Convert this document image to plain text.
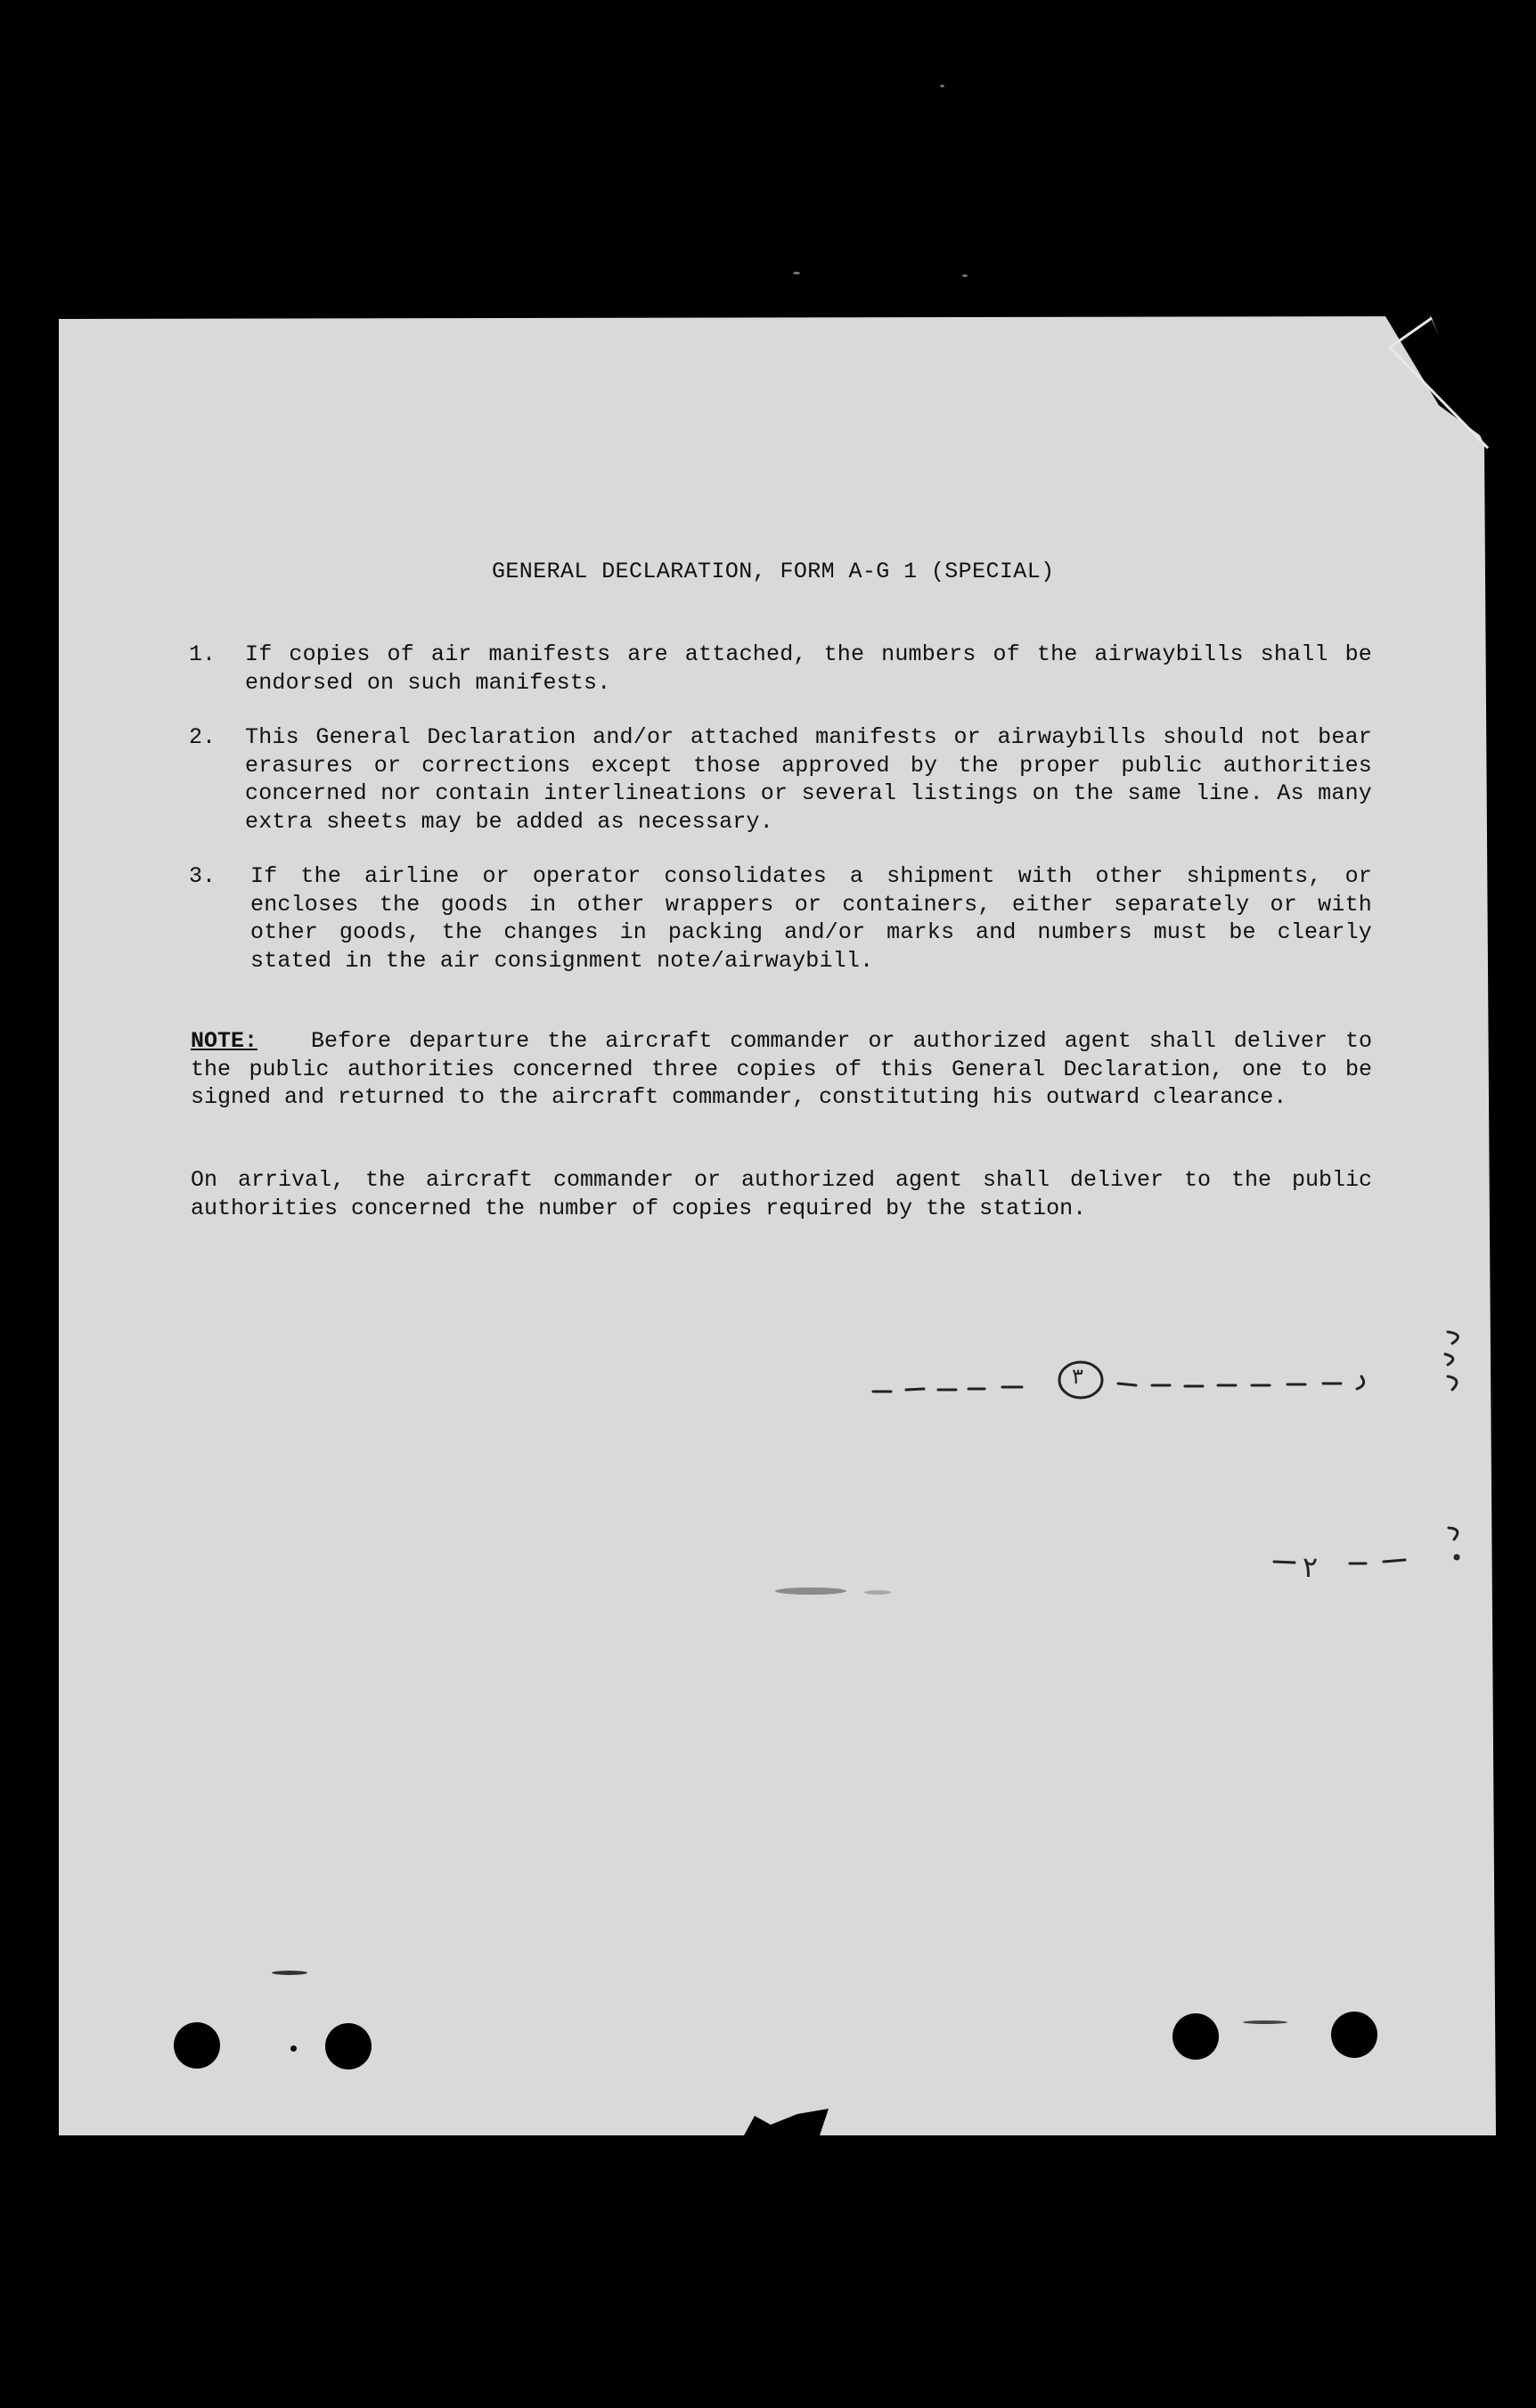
GENERAL DECLARATION, FORM A-G 1 (SPECIAL)
1. If copies of air manifests are attached, the numbers of the airwaybills shall be endorsed on such manifests.
2. This General Declaration and/or attached manifests or airwaybills should not bear erasures or corrections except those approved by the proper public authorities concerned nor contain interlineations or several listings on the same line. As many extra sheets may be added as necessary.
3. If the airline or operator consolidates a shipment with other shipments, or encloses the goods in other wrappers or containers, either separately or with other goods, the changes in packing and/or marks and numbers must be clearly stated in the air consignment note/airwaybill.
NOTE: Before departure the aircraft commander or authorized agent shall deliver to the public authorities concerned three copies of this General Declaration, one to be signed and returned to the aircraft commander, constituting his outward clearance.
On arrival, the aircraft commander or authorized agent shall deliver to the public authorities concerned the number of copies required by the station.
٣
٢
